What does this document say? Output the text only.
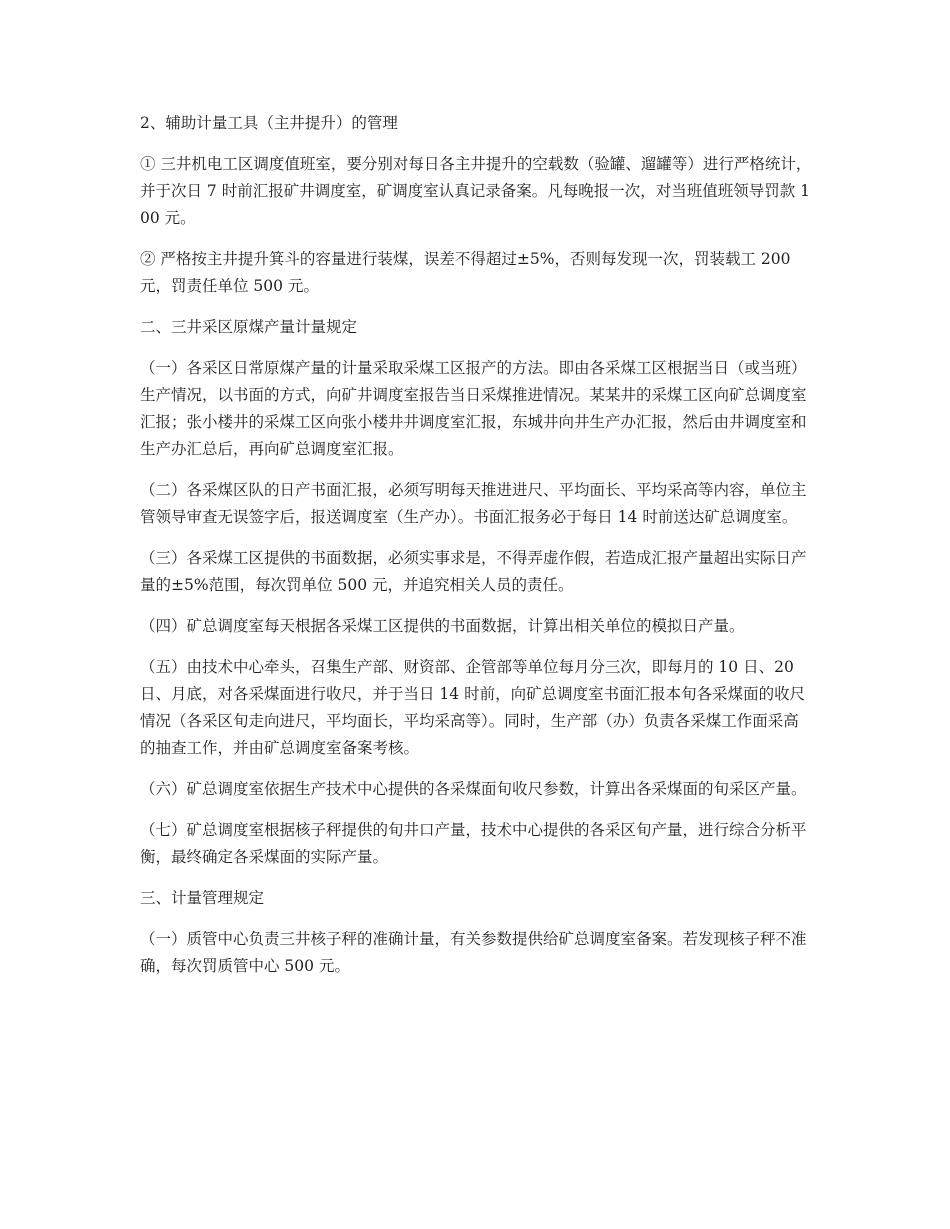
2、辅助计量工具（主井提升）的管理

① 三井机电工区调度值班室，要分别对每日各主井提升的空载数（验罐、遛罐等）进行严格统计，并于次日 7 时前汇报矿井调度室，矿调度室认真记录备案。凡每晚报一次，对当班值班领导罚款 100 元。

② 严格按主井提升箕斗的容量进行装煤，误差不得超过±5%，否则每发现一次，罚装载工 200 元，罚责任单位 500 元。

二、三井采区原煤产量计量规定

（一）各采区日常原煤产量的计量采取采煤工区报产的方法。即由各采煤工区根据当日（或当班）生产情况，以书面的方式，向矿井调度室报告当日采煤推进情况。某某井的采煤工区向矿总调度室汇报；张小楼井的采煤工区向张小楼井井调度室汇报，东城井向井生产办汇报，然后由井调度室和生产办汇总后，再向矿总调度室汇报。

（二）各采煤区队的日产书面汇报，必须写明每天推进进尺、平均面长、平均采高等内容，单位主管领导审查无误签字后，报送调度室（生产办）。书面汇报务必于每日 14 时前送达矿总调度室。

（三）各采煤工区提供的书面数据，必须实事求是，不得弄虚作假，若造成汇报产量超出实际日产量的±5%范围，每次罚单位 500 元，并追究相关人员的责任。

（四）矿总调度室每天根据各采煤工区提供的书面数据，计算出相关单位的模拟日产量。

（五）由技术中心牵头，召集生产部、财资部、企管部等单位每月分三次，即每月的 10 日、20 日、月底，对各采煤面进行收尺，并于当日 14 时前，向矿总调度室书面汇报本旬各采煤面的收尺情况（各采区旬走向进尺，平均面长，平均采高等）。同时，生产部（办）负责各采煤工作面采高的抽查工作，并由矿总调度室备案考核。

（六）矿总调度室依据生产技术中心提供的各采煤面旬收尺参数，计算出各采煤面的旬采区产量。

（七）矿总调度室根据核子秤提供的旬井口产量，技术中心提供的各采区旬产量，进行综合分析平衡，最终确定各采煤面的实际产量。

三、计量管理规定

（一）质管中心负责三井核子秤的准确计量，有关参数提供给矿总调度室备案。若发现核子秤不准确，每次罚质管中心 500 元。
